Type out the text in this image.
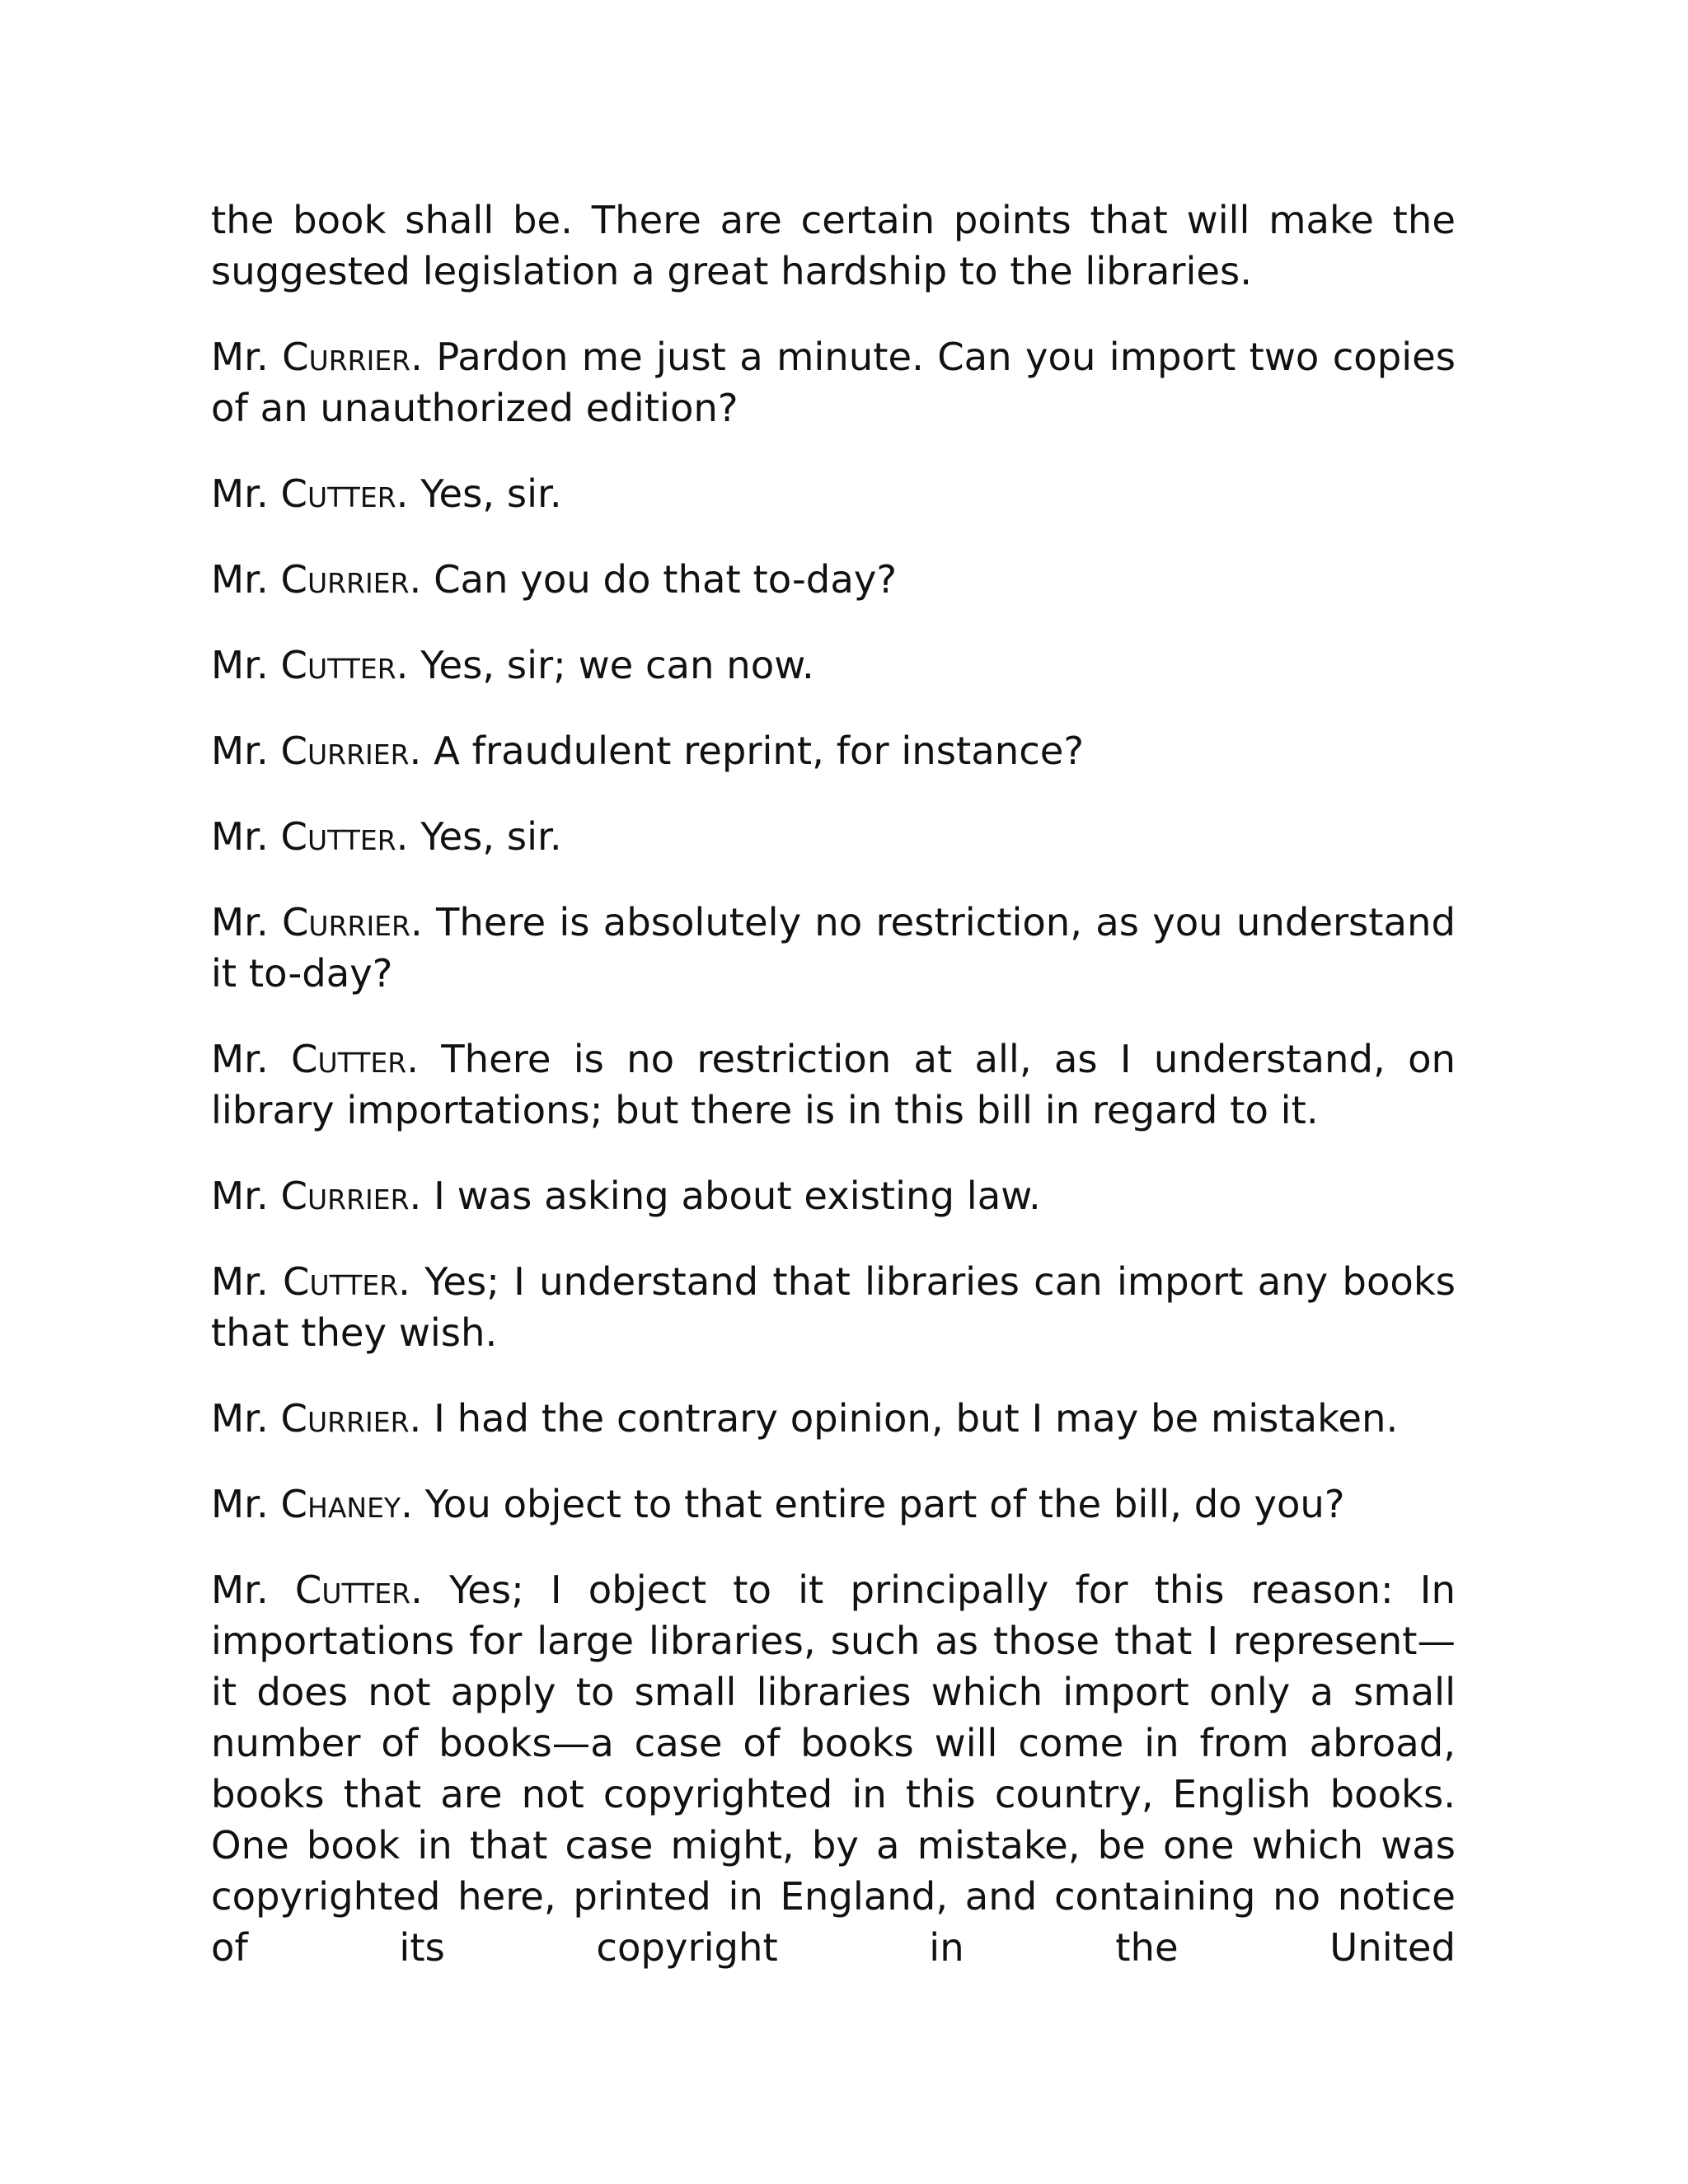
the book shall be. There are certain points that will make the suggested legislation a great hardship to the libraries.

Mr. Currier. Pardon me just a minute. Can you import two copies of an unauthorized edition?

Mr. Cutter. Yes, sir.

Mr. Currier. Can you do that to-day?

Mr. Cutter. Yes, sir; we can now.

Mr. Currier. A fraudulent reprint, for instance?

Mr. Cutter. Yes, sir.

Mr. Currier. There is absolutely no restriction, as you understand it to-day?

Mr. Cutter. There is no restriction at all, as I understand, on library importations; but there is in this bill in regard to it.

Mr. Currier. I was asking about existing law.

Mr. Cutter. Yes; I understand that libraries can import any books that they wish.

Mr. Currier. I had the contrary opinion, but I may be mistaken.

Mr. Chaney. You object to that entire part of the bill, do you?

Mr. Cutter. Yes; I object to it principally for this reason: In importations for large libraries, such as those that I represent—it does not apply to small libraries which import only a small number of books—a case of books will come in from abroad, books that are not copyrighted in this country, English books. One book in that case might, by a mistake, be one which was copyrighted here, printed in England, and containing no notice of its copyright in the United
